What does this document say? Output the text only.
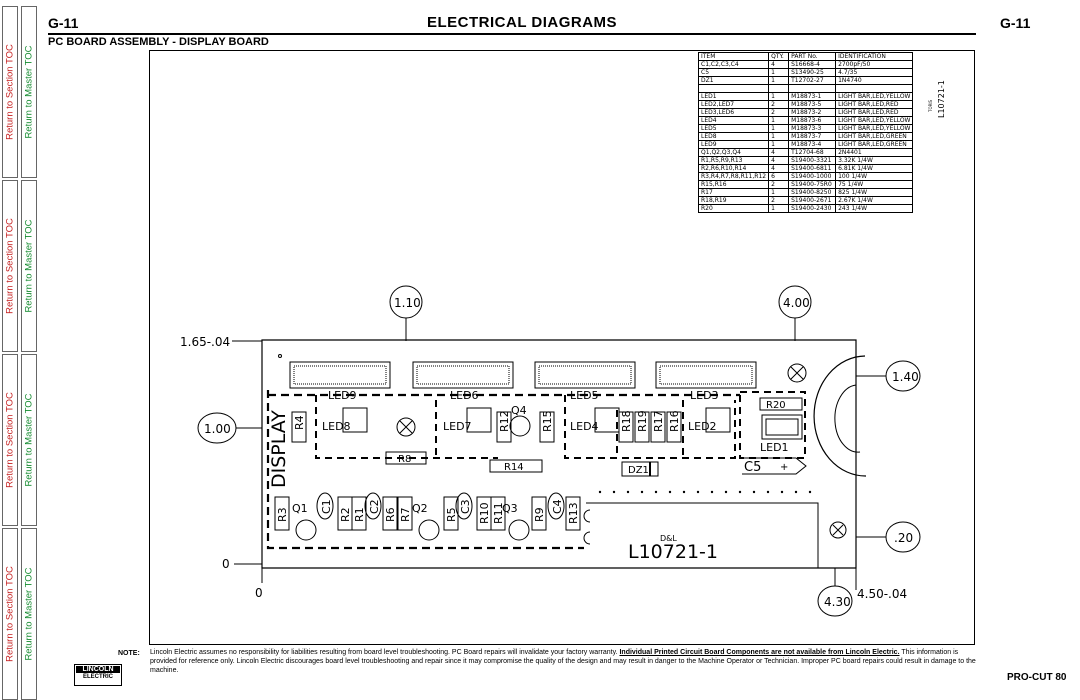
Return to Section TOC Return to Master TOC
Return to Section TOC Return to Master TOC
Return to Section TOC Return to Master TOC
Return to Section TOC Return to Master TOC
G-11	ELECTRICAL DIAGRAMS	G-11
PC BOARD ASSEMBLY - DISPLAY BOARD
ITEM	QTY.	PART No.	IDENTIFICATION
C1,C2,C3,C4	4	S16668-4	2700pF/50
C5	1	S13490-25	4.7/35
DZ1	1	T12702-27	1N4740

LED1	1	M18873-1	LIGHT BAR,LED,YELLOW
LED2,LED7	2	M18873-5	LIGHT BAR,LED,RED
LED3,LED6	2	M18873-2	LIGHT BAR,LED,RED
LED4	1	M18873-6	LIGHT BAR,LED,YELLOW
LED5	1	M18873-3	LIGHT BAR,LED,YELLOW
LED8	1	M18873-7	LIGHT BAR,LED,GREEN
LED9	1	M18873-4	LIGHT BAR,LED,GREEN
Q1,Q2,Q3,Q4	4	T12704-68	2N4401
R1,R5,R9,R13	4	S19400-3321	3.32K 1/4W
R2,R6,R10,R14	4	S19400-6811	6.81K 1/4W
R3,R4,R7,R8,R11,R12	6	S19400-1000	100 1/4W
R15,R16	2	S19400-75R0	75 1/4W
R17	1	S19400-8250	825 1/4W
R18,R19	2	S19400-2671	2.67K 1/4W
R20	1	S19400-2430	243 1/4W
L10721-1
TORIS
1.10	4.00
1.65-.04
1.40
1.00
.20
0
0
4.30
4.50-.04
DISPLAY
LED9	LED6	LED5	LED3
LED8	LED7	LED4	LED2
LED1
Q4	R20
R8
R14	DZ1	C5 +
R4	R12	R15	R18 R19 R17 R16
R3	R2 R1 R6 R7	R5 R10 R11	R9 R13
C1	C2	C3	C4
Q1	Q2	Q3
D&L
L10721-1
NOTE: Lincoln Electric assumes no responsibility for liabilities resulting from board level troubleshooting. PC Board repairs will invalidate your factory warranty. Individual Printed Circuit Board Components are not available from Lincoln Electric. This information is provided for reference only. Lincoln Electric discourages board level troubleshooting and repair since it may compromise the quality of the design and may result in danger to the Machine Operator or Technician. Improper PC board repairs could result in damage to the machine.
LINCOLN
ELECTRIC	PRO-CUT 80
